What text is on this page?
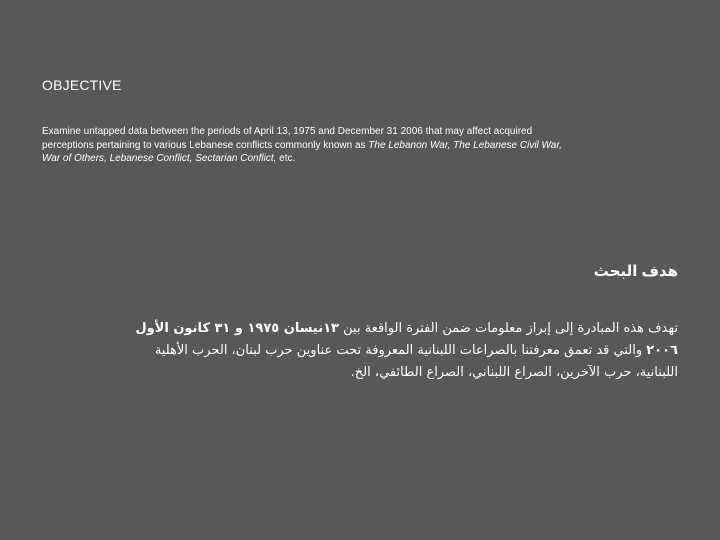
OBJECTIVE

Examine untapped data between the periods of April 13, 1975 and December 31 2006 that may affect acquired perceptions pertaining to various Lebanese conflicts commonly known as The Lebanon War, The Lebanese Civil War, War of Others, Lebanese Conflict, Sectarian Conflict, etc.

هدف البحث

تهدف هذه المبادرة إلى إبراز معلومات ضمن الفترة الواقعة بين ١٣نيسان ١٩٧٥ و ٣١ كانون الأول ٢٠٠٦ والتي قد تعمق معرفتنا بالصراعات اللبنانية المعروفة تحت عناوين حرب لبنان، الحرب الأهلية اللبنانية، حرب الآخرين، الصراع اللبناني، الصراع الطائفي، الخ.
